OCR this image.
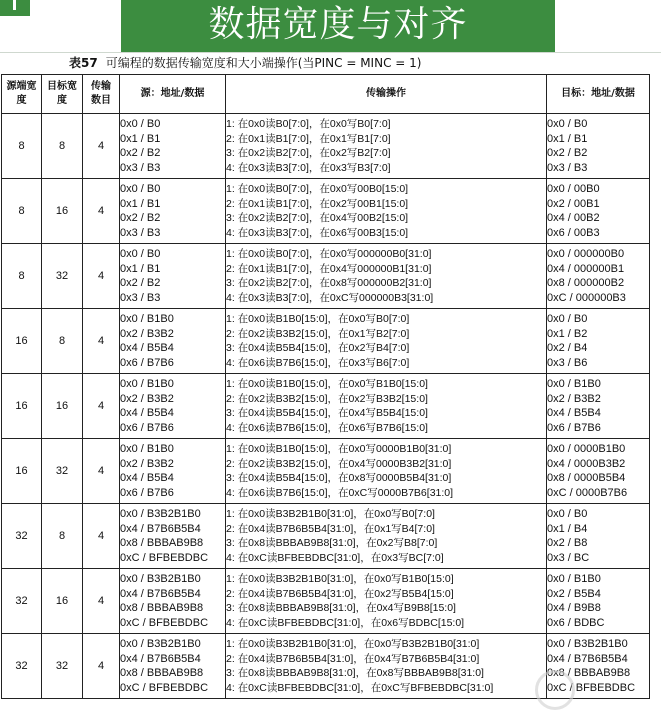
数据宽度与对齐
表57 可编程的数据传输宽度和大小端操作(当PINC = MINC = 1)
源端宽度	目标宽度	传输数目	源：地址/数据	传输操作	目标：地址/数据
8	8	4	0x0 / B0
0x1 / B1
0x2 / B2
0x3 / B3	1: 在0x0读B0[7:0]，在0x0写B0[7:0]
2: 在0x1读B1[7:0]，在0x1写B1[7:0]
3: 在0x2读B2[7:0]，在0x2写B2[7:0]
4: 在0x3读B3[7:0]，在0x3写B3[7:0]	0x0 / B0
0x1 / B1
0x2 / B2
0x3 / B3

8	16	4	0x0 / B0
0x1 / B1
0x2 / B2
0x3 / B3	1: 在0x0读B0[7:0]，在0x0写00B0[15:0]
2: 在0x1读B1[7:0]，在0x2写00B1[15:0]
3: 在0x2读B2[7:0]，在0x4写00B2[15:0]
4: 在0x3读B3[7:0]，在0x6写00B3[15:0]	0x0 / 00B0
0x2 / 00B1
0x4 / 00B2
0x6 / 00B3

8	32	4	0x0 / B0
0x1 / B1
0x2 / B2
0x3 / B3	1: 在0x0读B0[7:0]，在0x0写000000B0[31:0]
2: 在0x1读B1[7:0]，在0x4写000000B1[31:0]
3: 在0x2读B2[7:0]，在0x8写000000B2[31:0]
4: 在0x3读B3[7:0]，在0xC写000000B3[31:0]	0x0 / 000000B0
0x4 / 000000B1
0x8 / 000000B2
0xC / 000000B3

16	8	4	0x0 / B1B0
0x2 / B3B2
0x4 / B5B4
0x6 / B7B6	1: 在0x0读B1B0[15:0]，在0x0写B0[7:0]
2: 在0x2读B3B2[15:0]，在0x1写B2[7:0]
3: 在0x4读B5B4[15:0]，在0x2写B4[7:0]
4: 在0x6读B7B6[15:0]，在0x3写B6[7:0]	0x0 / B0
0x1 / B2
0x2 / B4
0x3 / B6

16	16	4	0x0 / B1B0
0x2 / B3B2
0x4 / B5B4
0x6 / B7B6	1: 在0x0读B1B0[15:0]，在0x0写B1B0[15:0]
2: 在0x2读B3B2[15:0]，在0x2写B3B2[15:0]
3: 在0x4读B5B4[15:0]，在0x4写B5B4[15:0]
4: 在0x6读B7B6[15:0]，在0x6写B7B6[15:0]	0x0 / B1B0
0x2 / B3B2
0x4 / B5B4
0x6 / B7B6

16	32	4	0x0 / B1B0
0x2 / B3B2
0x4 / B5B4
0x6 / B7B6	1: 在0x0读B1B0[15:0]，在0x0写0000B1B0[31:0]
2: 在0x2读B3B2[15:0]，在0x4写0000B3B2[31:0]
3: 在0x4读B5B4[15:0]，在0x8写0000B5B4[31:0]
4: 在0x6读B7B6[15:0]，在0xC写0000B7B6[31:0]	0x0 / 0000B1B0
0x4 / 0000B3B2
0x8 / 0000B5B4
0xC / 0000B7B6

32	8	4	0x0 / B3B2B1B0
0x4 / B7B6B5B4
0x8 / BBBAB9B8
0xC / BFBEBDBC	1: 在0x0读B3B2B1B0[31:0]，在0x0写B0[7:0]
2: 在0x4读B7B6B5B4[31:0]，在0x1写B4[7:0]
3: 在0x8读BBBAB9B8[31:0]，在0x2写B8[7:0]
4: 在0xC读BFBEBDBC[31:0]，在0x3写BC[7:0]	0x0 / B0
0x1 / B4
0x2 / B8
0x3 / BC

32	16	4	0x0 / B3B2B1B0
0x4 / B7B6B5B4
0x8 / BBBAB9B8
0xC / BFBEBDBC	1: 在0x0读B3B2B1B0[31:0]，在0x0写B1B0[15:0]
2: 在0x4读B7B6B5B4[31:0]，在0x2写B5B4[15:0]
3: 在0x8读BBBAB9B8[31:0]，在0x4写B9B8[15:0]
4: 在0xC读BFBEBDBC[31:0]，在0x6写BDBC[15:0]	0x0 / B1B0
0x2 / B5B4
0x4 / B9B8
0x6 / BDBC

32	32	4	0x0 / B3B2B1B0
0x4 / B7B6B5B4
0x8 / BBBAB9B8
0xC / BFBEBDBC	1: 在0x0读B3B2B1B0[31:0]，在0x0写B3B2B1B0[31:0]
2: 在0x4读B7B6B5B4[31:0]，在0x4写B7B6B5B4[31:0]
3: 在0x8读BBBAB9B8[31:0]，在0x8写BBBAB9B8[31:0]
4: 在0xC读BFBEBDBC[31:0]，在0xC写BFBEBDBC[31:0]	0x0 / B3B2B1B0
0x4 / B7B6B5B4
0x8 / BBBAB9B8
0xC / BFBEBDBC
